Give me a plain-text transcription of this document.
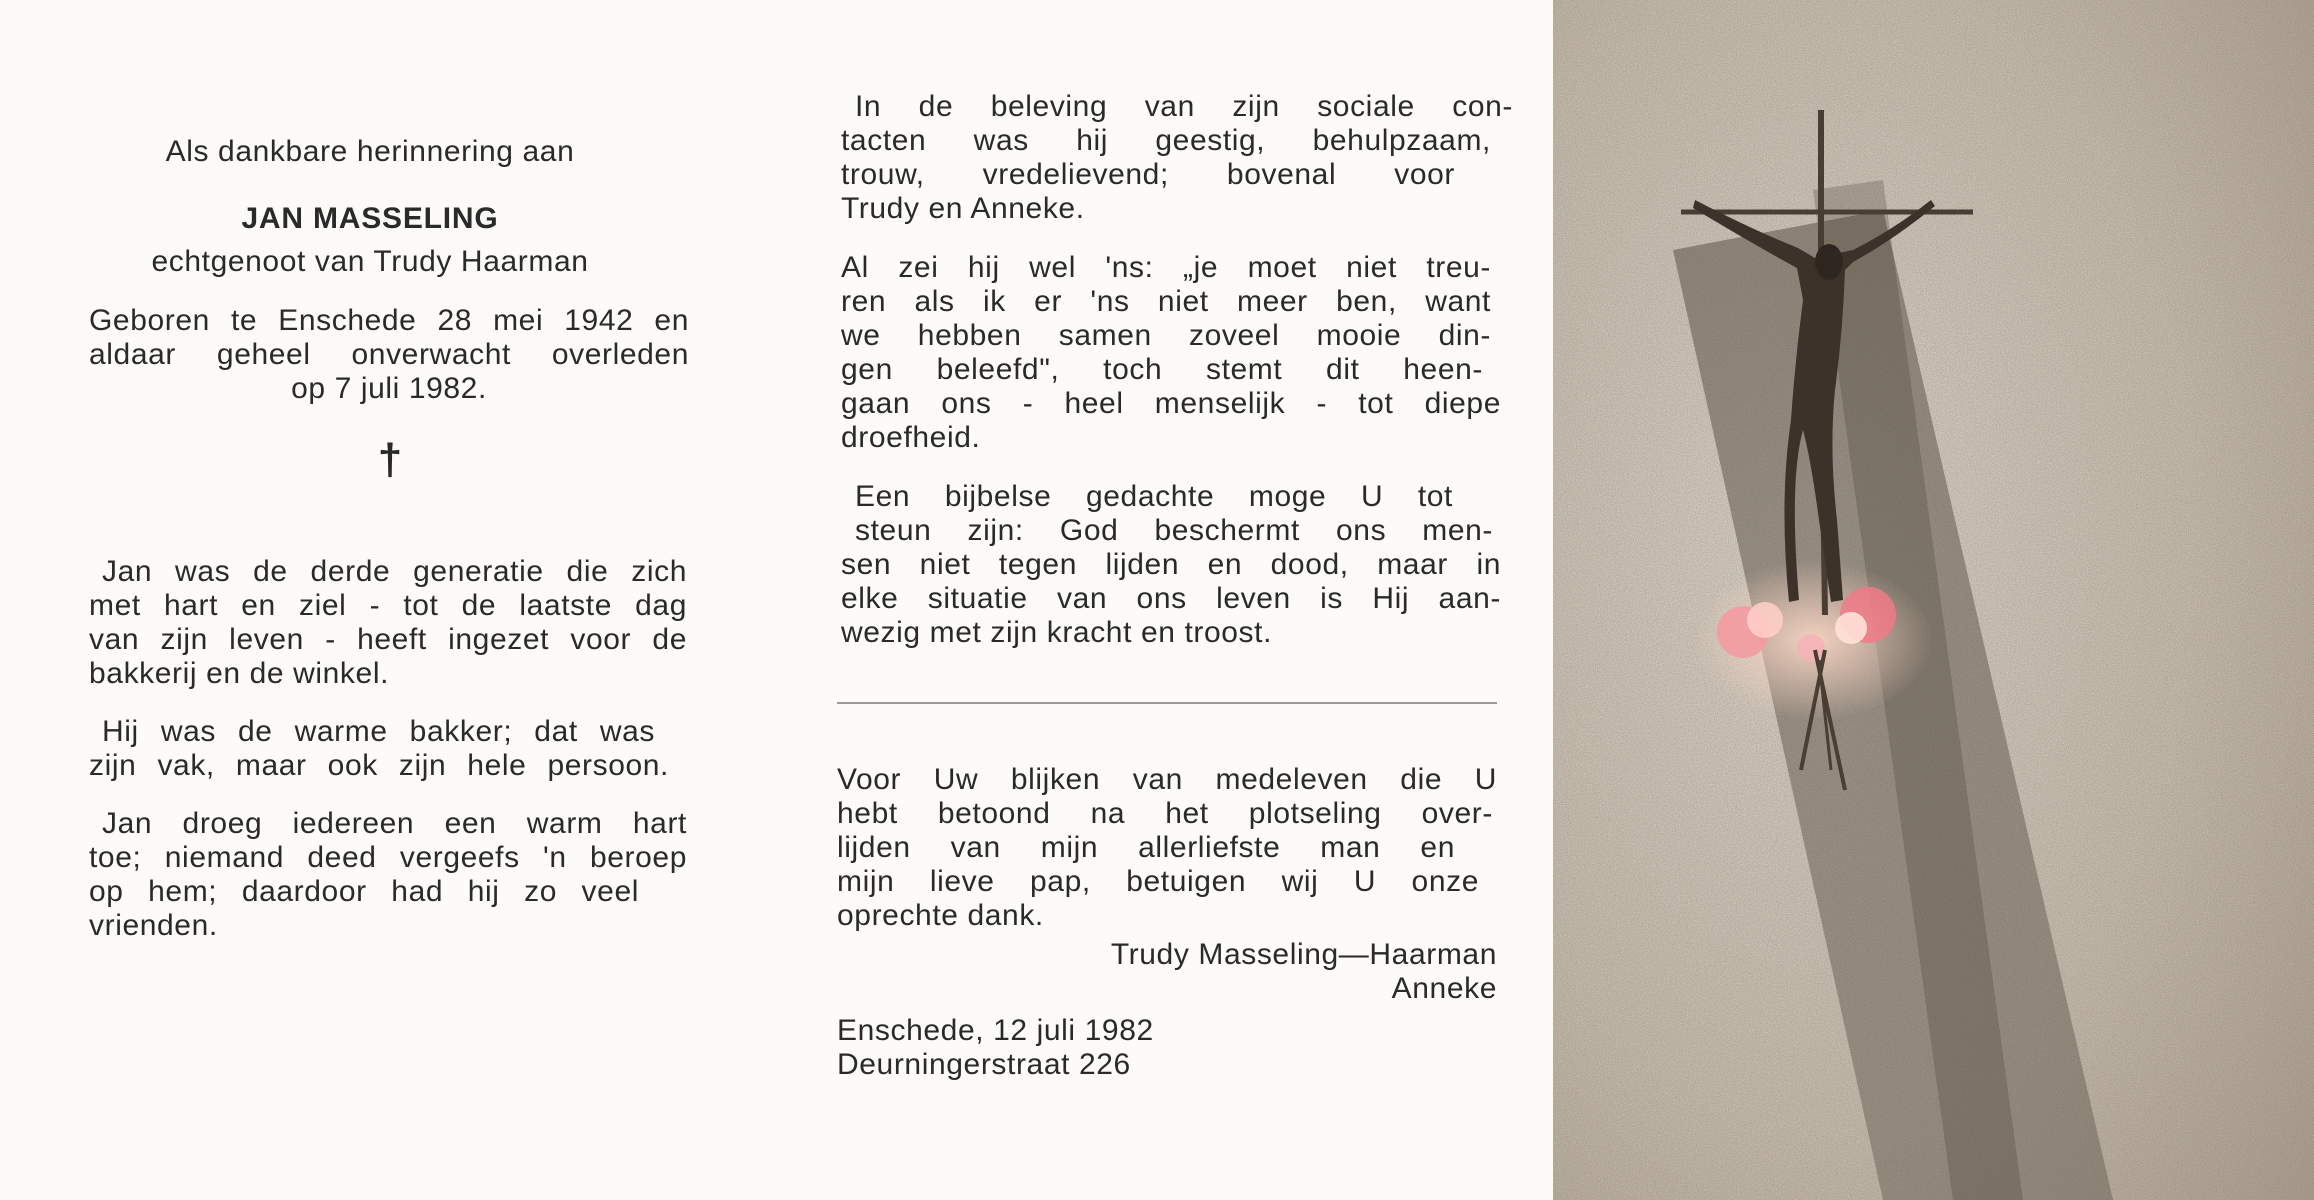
Als dankbare herinnering aan
JAN MASSELING
echtgenoot van Trudy Haarman
Geboren te Enschede 28 mei 1942 en
aldaar geheel onverwacht overleden
op 7 juli 1982.
†
Jan was de derde generatie die zich
met hart en ziel - tot de laatste dag
van zijn leven - heeft ingezet voor de
bakkerij en de winkel.
Hij was de warme bakker; dat was
zijn vak, maar ook zijn hele persoon.
Jan droeg iedereen een warm hart
toe; niemand deed vergeefs 'n beroep
op hem; daardoor had hij zo veel
vrienden.
In de beleving van zijn sociale con-
tacten was hij geestig, behulpzaam,
trouw, vredelievend; bovenal voor
Trudy en Anneke.
Al zei hij wel 'ns: „je moet niet treu-
ren als ik er 'ns niet meer ben, want
we hebben samen zoveel mooie din-
gen beleefd", toch stemt dit heen-
gaan ons - heel menselijk - tot diepe
droefheid.
Een bijbelse gedachte moge U tot
steun zijn: God beschermt ons men-
sen niet tegen lijden en dood, maar in
elke situatie van ons leven is Hij aan-
wezig met zijn kracht en troost.
Voor Uw blijken van medeleven die U
hebt betoond na het plotseling over-
lijden van mijn allerliefste man en
mijn lieve pap, betuigen wij U onze
oprechte dank.
Trudy Masseling—Haarman
Anneke
Enschede, 12 juli 1982
Deurningerstraat 226
